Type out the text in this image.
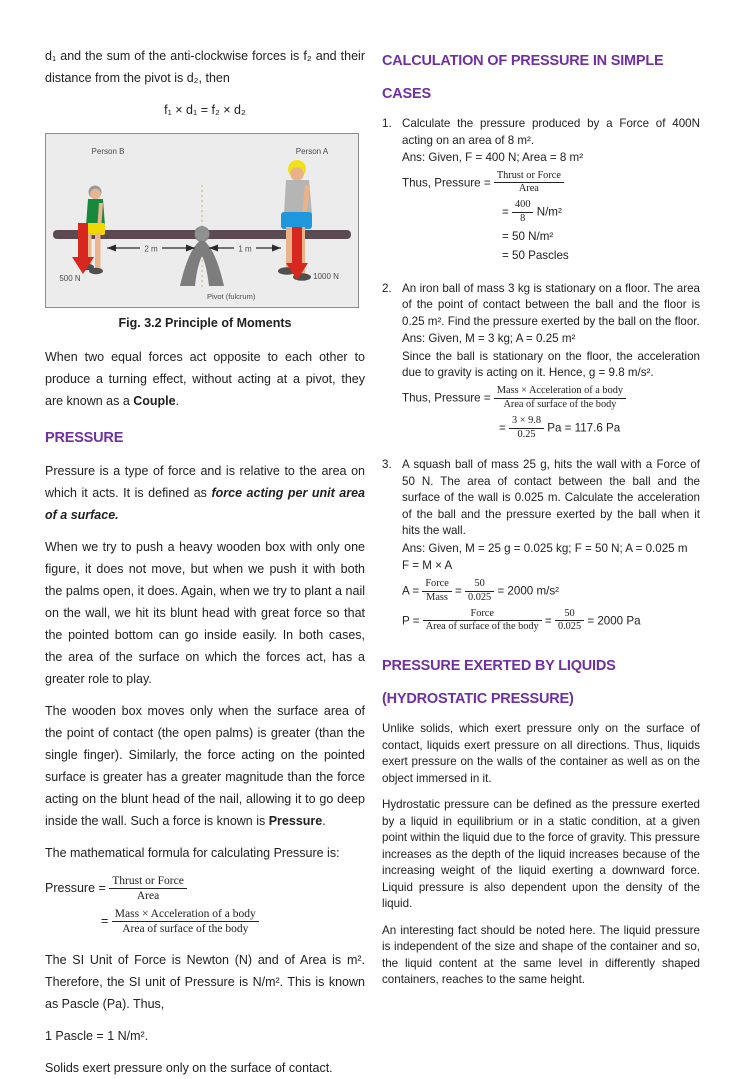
d₁ and the sum of the anti-clockwise forces is f₂ and their distance from the pivot is d₂, then

f₁ × d₁ = f₂ × d₂
Person B	Person A
2 m	1 m
500 N	1000 N
Pivot (fulcrum)
Fig. 3.2 Principle of Moments

When two equal forces act opposite to each other to produce a turning effect, without acting at a pivot, they are known as a Couple.

PRESSURE

Pressure is a type of force and is relative to the area on which it acts. It is defined as force acting per unit area of a surface.

When we try to push a heavy wooden box with only one figure, it does not move, but when we push it with both the palms open, it does. Again, when we try to plant a nail on the wall, we hit its blunt head with great force so that the pointed bottom can go inside easily. In both cases, the area of the surface on which the forces act, has a greater role to play.

The wooden box moves only when the surface area of the point of contact (the open palms) is greater (than the single finger). Similarly, the force acting on the pointed surface is greater has a greater magnitude than the force acting on the blunt head of the nail, allowing it to go deep inside the wall. Such a force is known is Pressure.

The mathematical formula for calculating Pressure is:

Pressure = $\frac{\text{Thrust or Force}}{\text{Area}}$
= $\frac{\text{Mass × Acceleration of a body}}{\text{Area of surface of the body}}$

The SI Unit of Force is Newton (N) and of Area is m². Therefore, the SI unit of Pressure is N/m². This is known as Pascle (Pa). Thus,

1 Pascle = 1 N/m².

Solids exert pressure only on the surface of contact.

CALCULATION OF PRESSURE IN SIMPLE CASES
1. Calculate the pressure produced by a Force of 400N acting on an area of 8 m².

Ans: Given, F = 400 N; Area = 8 m²
Thus, Pressure = $\frac{\text{Thrust or Force}}{\text{Area}}$
= $\frac{400}{8} N/m^2$
= 50 N/m²
= 50 Pascles
2. An iron ball of mass 3 kg is stationary on a floor. The area of the point of contact between the ball and the floor is 0.25 m². Find the pressure exerted by the ball on the floor.

Ans: Given, M = 3 kg; A = 0.25 m²
Since the ball is stationary on the floor, the acceleration due to gravity is acting on it. Hence, g = 9.8 m/s².
Thus, Pressure = $\frac{\text{Mass × Acceleration of a body}}{\text{Area of surface of the body}}$
= $\frac{3 \times 9.8}{0.25}$ Pa = 117.6 Pa
3. A squash ball of mass 25 g, hits the wall with a Force of 50 N. The area of contact between the ball and the surface of the wall is 0.025 m. Calculate the acceleration of the ball and the pressure exerted by the ball when it hits the wall.

Ans: Given, M = 25 g = 0.025 kg; F = 50 N; A = 0.025 m
F = M × A
$A = \frac{\text{Force}}{\text{Mass}} = \frac{50}{0.025} = 2000$ m/s²
$P = \frac{\text{Force}}{\text{Area of surface of the body}} = \frac{50}{0.025} = 2000$ Pa
PRESSURE EXERTED BY LIQUIDS (HYDROSTATIC PRESSURE)

Unlike solids, which exert pressure only on the surface of contact, liquids exert pressure on all directions. Thus, liquids exert pressure on the walls of the container as well as on the object immersed in it.

Hydrostatic pressure can be defined as the pressure exerted by a liquid in equilibrium or in a static condition, at a given point within the liquid due to the force of gravity. This pressure increases as the depth of the liquid increases because of the increasing weight of the liquid exerting a downward force. Liquid pressure is also dependent upon the density of the liquid.

An interesting fact should be noted here. The liquid pressure is independent of the size and shape of the container and so, the liquid content at the same level in differently shaped containers, reaches to the same height.
